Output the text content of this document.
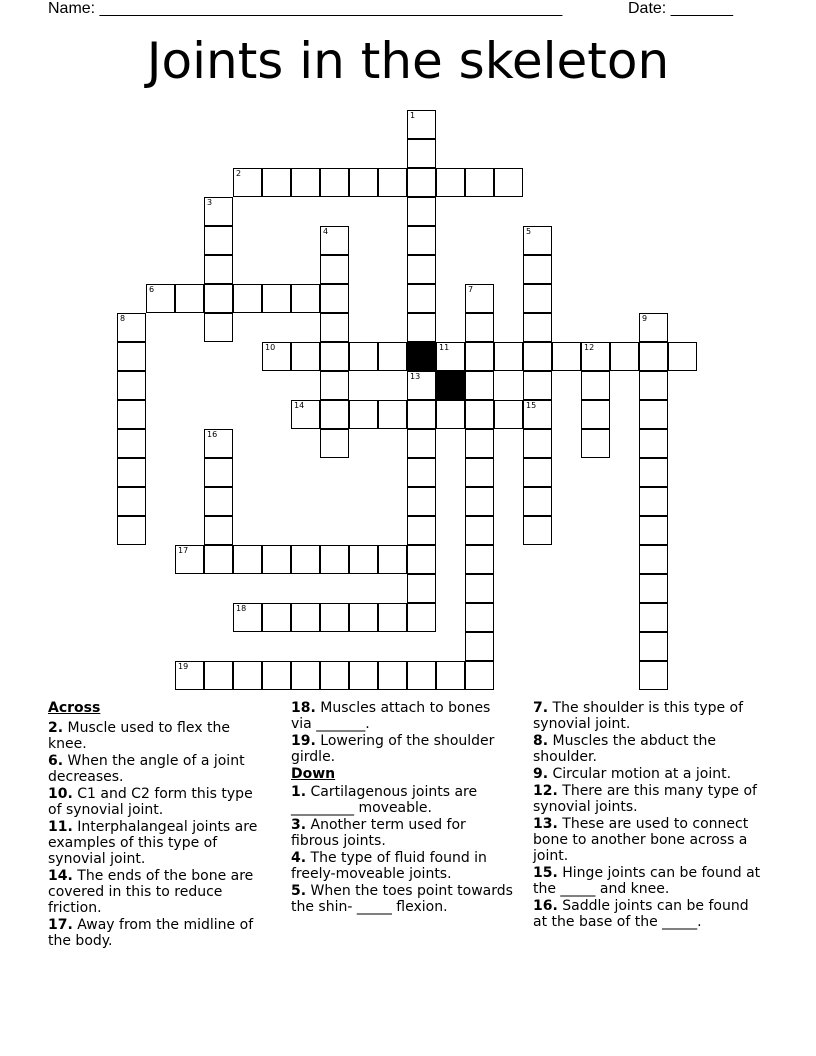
Name: ____________________________________________________	Date: _______
Joints in the skeleton
1
13
2
3
4	5
15
6	7
8	9
10	11	12
14
16
17
18
19
Across
2. Muscle used to flex the knee.
6. When the angle of a joint decreases.
10. C1 and C2 form this type of synovial joint.
11. Interphalangeal joints are examples of this type of synovial joint.
14. The ends of the bone are covered in this to reduce friction.
17. Away from the midline of the body.
18. Muscles attach to bones via _______.
19. Lowering of the shoulder girdle.
Down
1. Cartilagenous joints are _________ moveable.
3. Another term used for fibrous joints.
4. The type of fluid found in freely-moveable joints.
5. When the toes point towards the shin- _____ flexion.
7. The shoulder is this type of synovial joint.
8. Muscles the abduct the shoulder.
9. Circular motion at a joint.
12. There are this many type of synovial joints.
13. These are used to connect bone to another bone across a joint.
15. Hinge joints can be found at the _____ and knee.
16. Saddle joints can be found at the base of the _____.
